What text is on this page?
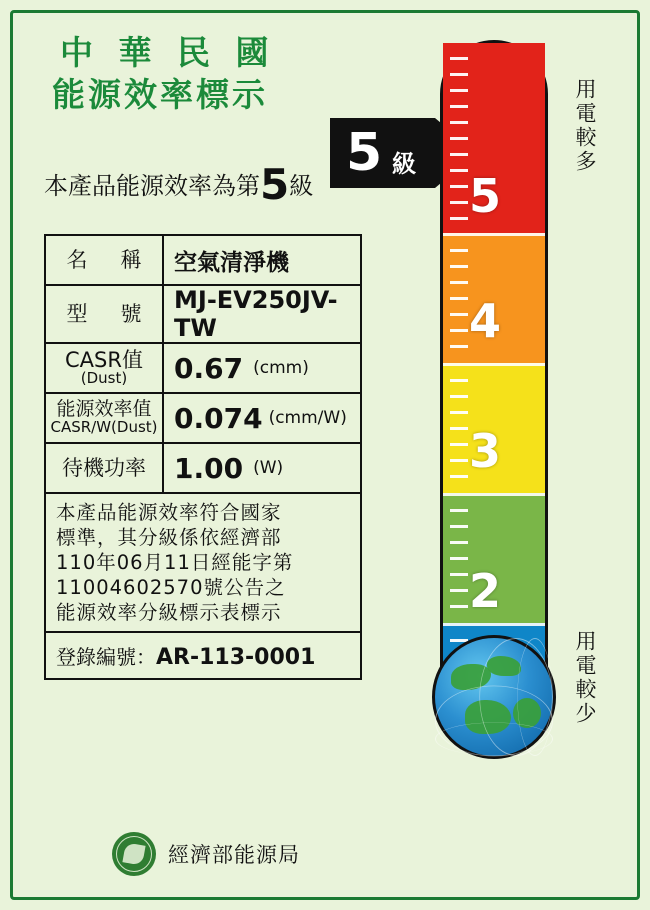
中 華 民 國
能源效率標示
本產品能源效率為第5級
5 級
名　稱 空氣清淨機
型　號 MJ-EV250JV-TW
CASR值
(Dust) 0.67 (cmm)
能源效率值
CASR/W(Dust) 0.074 (cmm/W)
待機功率 1.00 (W)
本產品能源效率符合國家
標準，其分級係依經濟部
110年06月11日經能字第
11004602570號公告之
能源效率分級標示表標示
登錄編號：AR-113-0001
經濟部能源局
5
4
3
2
用電較多
用電較少
